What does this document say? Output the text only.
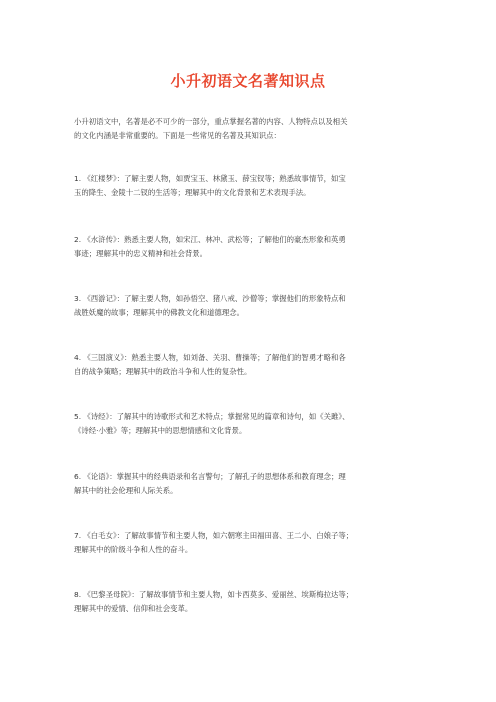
小升初语文名著知识点

小升初语文中，名著是必不可少的一部分，重点掌握名著的内容、人物特点以及相关

的文化内涵是非常重要的。下面是一些常见的名著及其知识点：

1. 《红楼梦》：了解主要人物，如贾宝玉、林黛玉、薛宝钗等；熟悉故事情节，如宝

玉的降生、金陵十二钗的生活等；理解其中的文化背景和艺术表现手法。

2. 《水浒传》：熟悉主要人物，如宋江、林冲、武松等；了解他们的豪杰形象和英勇

事迹；理解其中的忠义精神和社会背景。

3. 《西游记》：了解主要人物，如孙悟空、猪八戒、沙僧等；掌握他们的形象特点和

战胜妖魔的故事；理解其中的佛教文化和道德理念。

4. 《三国演义》：熟悉主要人物，如刘备、关羽、曹操等；了解他们的智勇才略和各

自的战争策略；理解其中的政治斗争和人性的复杂性。

5. 《诗经》：了解其中的诗歌形式和艺术特点；掌握常见的篇章和诗句，如《关雎》、

《诗经·小雅》等；理解其中的思想情感和文化背景。

6. 《论语》：掌握其中的经典语录和名言警句；了解孔子的思想体系和教育理念；理

解其中的社会伦理和人际关系。

7. 《白毛女》：了解故事情节和主要人物，如六朝寒主田福田喜、王二小、白娘子等；

理解其中的阶级斗争和人性的奋斗。

8. 《巴黎圣母院》：了解故事情节和主要人物，如卡西莫多、爱丽丝、埃斯梅拉达等；

理解其中的爱情、信仰和社会变革。
